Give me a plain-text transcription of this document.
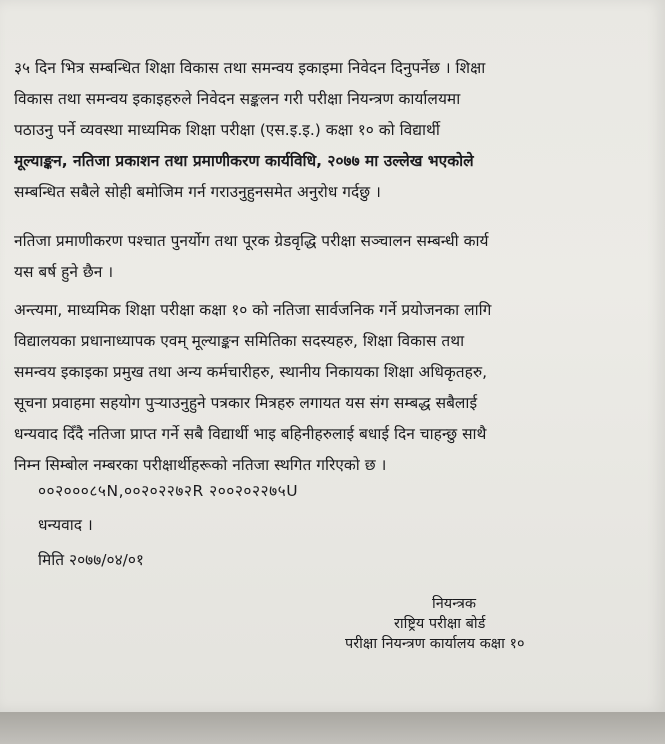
३५ दिन भित्र सम्बन्धित शिक्षा विकास तथा समन्वय इकाइमा निवेदन दिनुपर्नेछ । शिक्षा
विकास तथा समन्वय इकाइहरुले निवेदन सङ्कलन गरी परीक्षा नियन्त्रण कार्यालयमा
पठाउनु पर्ने व्यवस्था माध्यमिक शिक्षा परीक्षा (एस.इ.इ.) कक्षा १० को विद्यार्थी
मूल्याङ्कन, नतिजा प्रकाशन तथा प्रमाणीकरण कार्यविधि, २०७७ मा उल्लेख भएकोले
सम्बन्धित सबैले सोही बमोजिम गर्न गराउनुहुनसमेत अनुरोध गर्दछु ।
नतिजा प्रमाणीकरण पश्चात पुनर्योग तथा पूरक ग्रेडवृद्धि परीक्षा सञ्चालन सम्बन्धी कार्य
यस बर्ष हुने छैन ।
अन्त्यमा, माध्यमिक शिक्षा परीक्षा कक्षा १० को नतिजा सार्वजनिक गर्ने प्रयोजनका लागि
विद्यालयका प्रधानाध्यापक एवम् मूल्याङ्कन समितिका सदस्यहरु, शिक्षा विकास तथा
समन्वय इकाइका प्रमुख तथा अन्य कर्मचारीहरु, स्थानीय निकायका शिक्षा अधिकृतहरु,
सूचना प्रवाहमा सहयोग पुर्‍याउनुहुने पत्रकार मित्रहरु लगायत यस संग सम्बद्ध सबैलाई
धन्यवाद दिँदै नतिजा प्राप्त गर्ने सबै विद्यार्थी भाइ बहिनीहरुलाई बधाई दिन चाहन्छु साथै
निम्न सिम्बोल नम्बरका परीक्षार्थीहरूको नतिजा स्थगित गरिएको छ ।
००२०००८५N,००२०२२७२R २००२०२२७५U
धन्यवाद ।
मिति २०७७/०४/०१
नियन्त्रक
राष्ट्रिय परीक्षा बोर्ड
परीक्षा नियन्त्रण कार्यालय कक्षा १०
